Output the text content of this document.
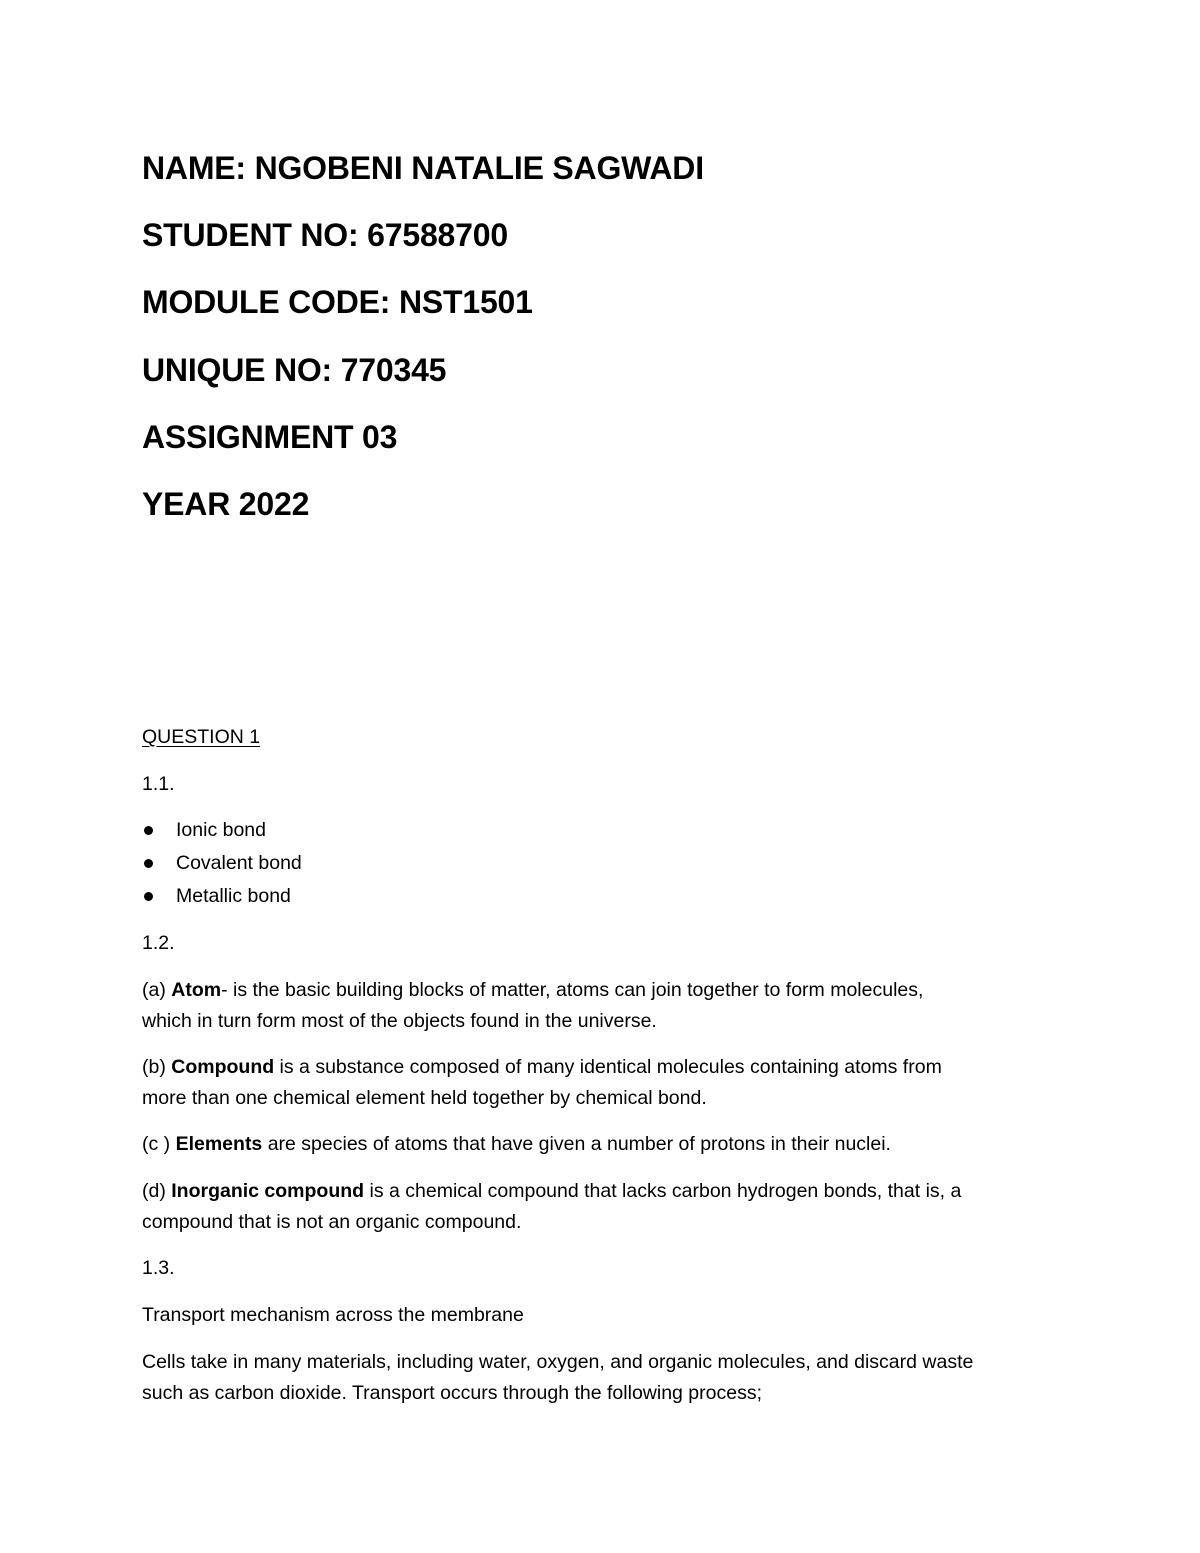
NAME: NGOBENI NATALIE SAGWADI

STUDENT NO: 67588700

MODULE CODE: NST1501

UNIQUE NO: 770345

ASSIGNMENT 03

YEAR 2022

QUESTION 1

1.1.

Ionic bond
Covalent bond
Metallic bond

1.2.

(a) Atom- is the basic building blocks of matter, atoms can join together to form molecules,

which in turn form most of the objects found in the universe.

(b) Compound is a substance composed of many identical molecules containing atoms from

more than one chemical element held together by chemical bond.

(c ) Elements are species of atoms that have given a number of protons in their nuclei.

(d) Inorganic compound is a chemical compound that lacks carbon hydrogen bonds, that is, a

compound that is not an organic compound.

1.3.

Transport mechanism across the membrane

Cells take in many materials, including water, oxygen, and organic molecules, and discard waste

such as carbon dioxide. Transport occurs through the following process;
